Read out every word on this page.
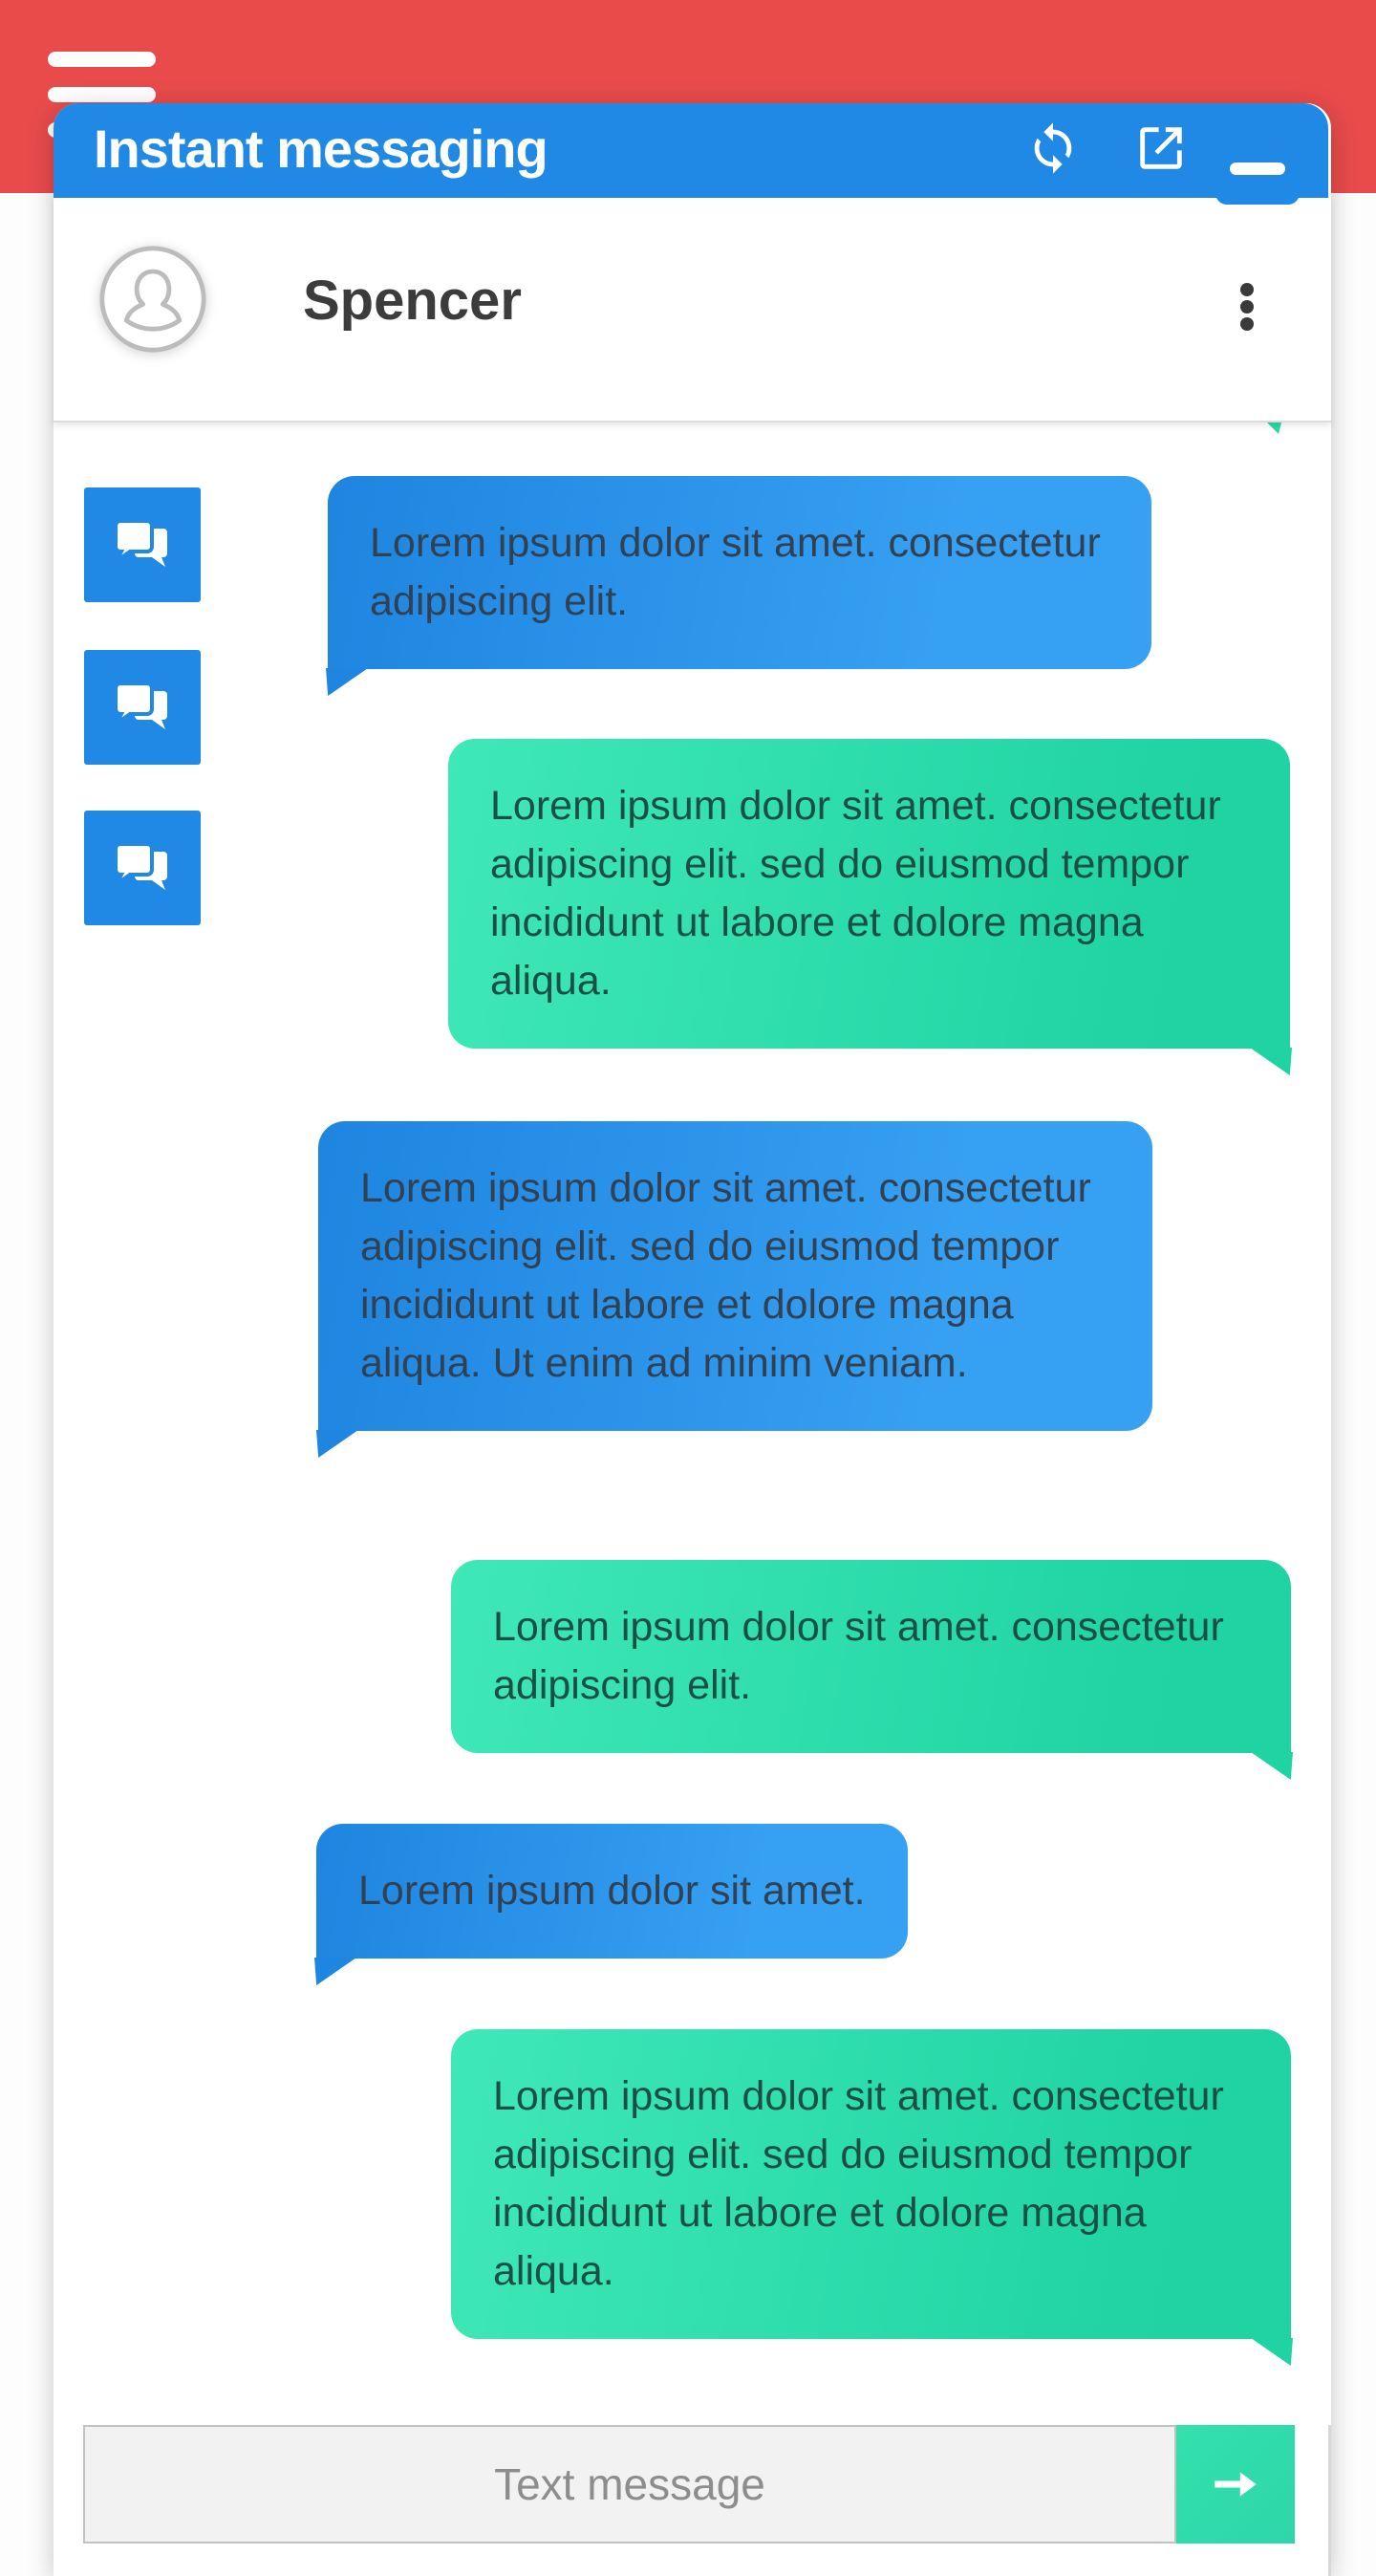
Instant messaging
Spencer
Lorem ipsum dolor sit amet. consectetur adipiscing elit.
Lorem ipsum dolor sit amet. consectetur adipiscing elit. sed do eiusmod tempor incididunt ut labore et dolore magna aliqua.
Lorem ipsum dolor sit amet. consectetur adipiscing elit. sed do eiusmod tempor incididunt ut labore et dolore magna aliqua. Ut enim ad minim veniam.
Lorem ipsum dolor sit amet. consectetur adipiscing elit.
Lorem ipsum dolor sit amet.
Lorem ipsum dolor sit amet. consectetur adipiscing elit. sed do eiusmod tempor incididunt ut labore et dolore magna aliqua.
Text message
